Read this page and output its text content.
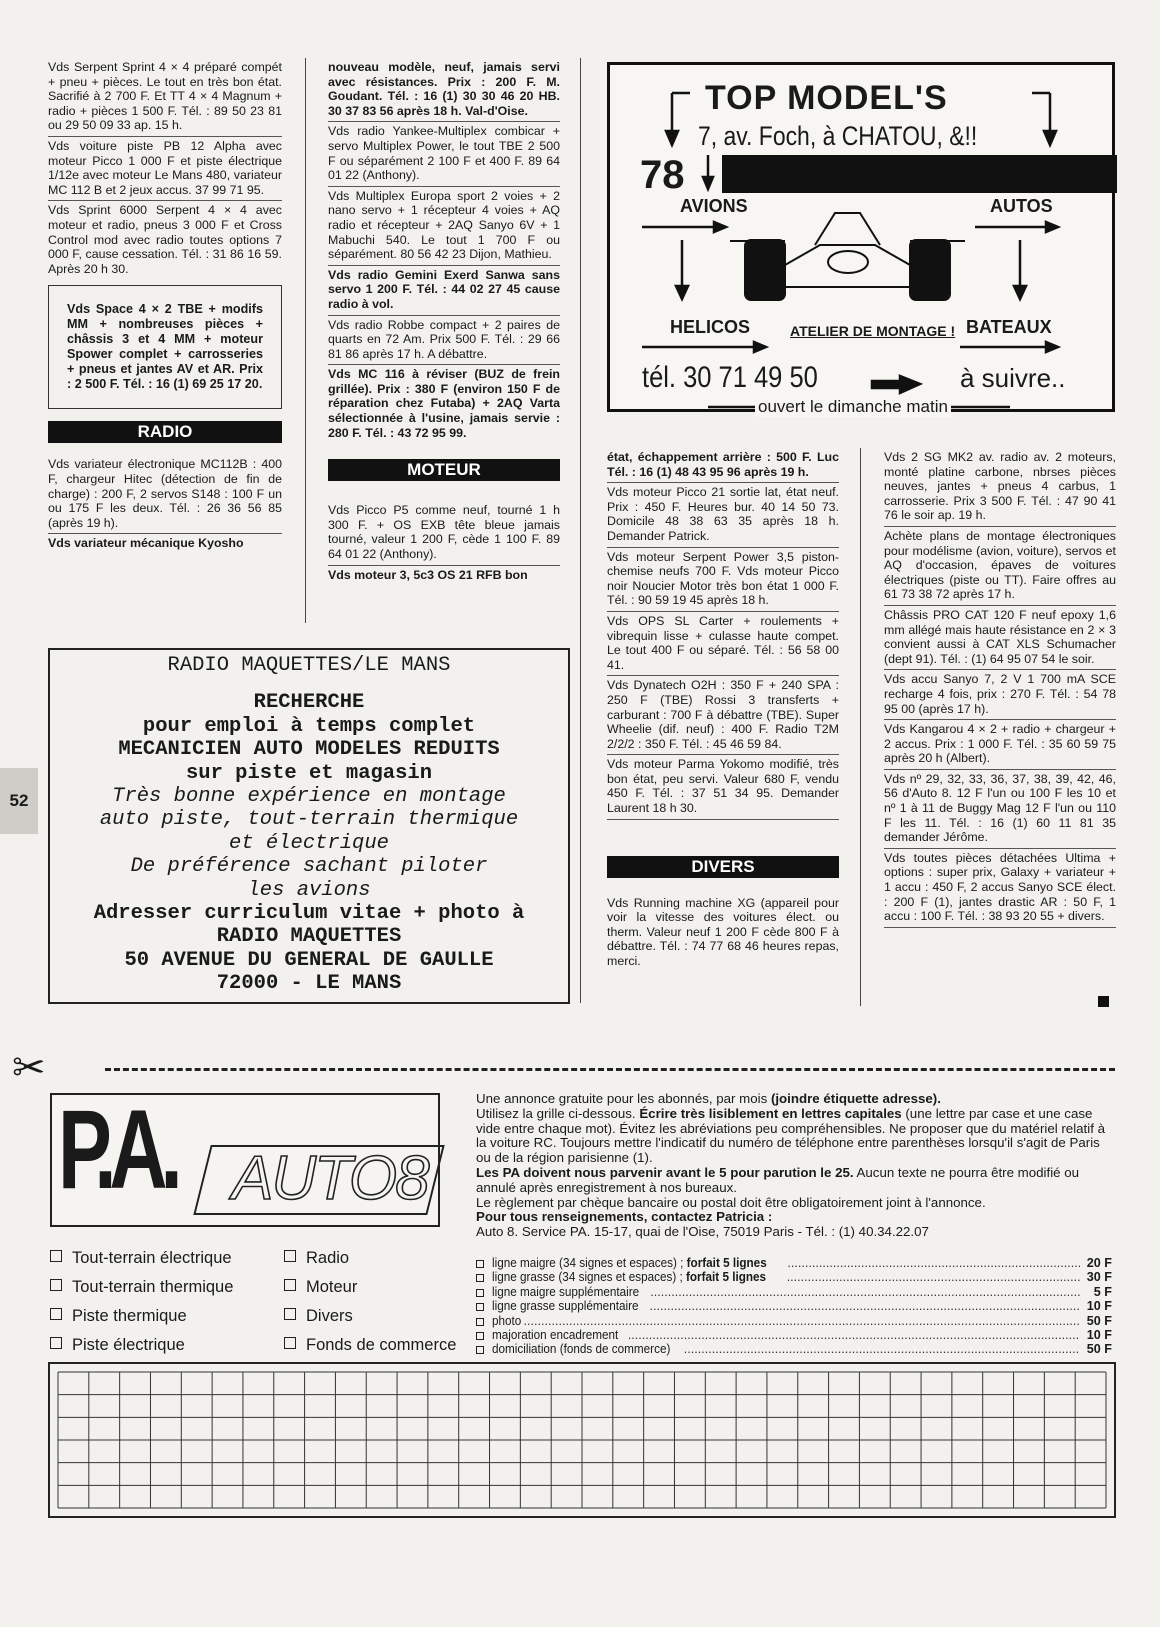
Vds Serpent Sprint 4 × 4 préparé compét + pneu + pièces. Le tout en très bon état. Sacrifié à 2 700 F. Et TT 4 × 4 Magnum + radio + pièces 1 500 F. Tél. : 89 50 23 81 ou 29 50 09 33 ap. 15 h.
Vds voiture piste PB 12 Alpha avec moteur Picco 1 000 F et piste électrique 1/12e avec moteur Le Mans 480, variateur MC 112 B et 2 jeux accus. 37 99 71 95.
Vds Sprint 6000 Serpent 4 × 4 avec moteur et radio, pneus 3 000 F et Cross Control mod avec radio toutes options 7 000 F, cause cessation. Tél. : 31 86 16 59. Après 20 h 30.
Vds Space 4 × 2 TBE + modifs MM + nombreuses pièces + châssis 3 et 4 MM + moteur Spower complet + carrosseries + pneus et jantes AV et AR. Prix : 2 500 F. Tél. : 16 (1) 69 25 17 20.
RADIO
Vds variateur électronique MC112B : 400 F, chargeur Hitec (détection de fin de charge) : 200 F, 2 servos S148 : 100 F un ou 175 F les deux. Tél. : 26 36 56 85 (après 19 h).
Vds variateur mécanique Kyosho
nouveau modèle, neuf, jamais servi avec résistances. Prix : 200 F. M. Goudant. Tél. : 16 (1) 30 30 46 20 HB. 30 37 83 56 après 18 h. Val-d'Oise.
Vds radio Yankee-Multiplex combicar + servo Multiplex Power, le tout TBE 2 500 F ou séparément 2 100 F et 400 F. 89 64 01 22 (Anthony).
Vds Multiplex Europa sport 2 voies + 2 nano servo + 1 récepteur 4 voies + AQ radio et récepteur + 2AQ Sanyo 6V + 1 Mabuchi 540. Le tout 1 700 F ou séparément. 80 56 42 23 Dijon, Mathieu.
Vds radio Gemini Exerd Sanwa sans servo 1 200 F. Tél. : 44 02 27 45 cause radio à vol.
Vds radio Robbe compact + 2 paires de quarts en 72 Am. Prix 500 F. Tél. : 29 66 81 86 après 17 h. A débattre.
Vds MC 116 à réviser (BUZ de frein grillée). Prix : 380 F (environ 150 F de réparation chez Futaba) + 2AQ Varta sélectionnée à l'usine, jamais servie : 280 F. Tél. : 43 72 95 99.
MOTEUR
Vds Picco P5 comme neuf, tourné 1 h 300 F. + OS EXB tête bleue jamais tourné, valeur 1 200 F, cède 1 100 F. 89 64 01 22 (Anthony).
Vds moteur 3, 5c3 OS 21 RFB bon
TOP MODEL'S
7, av. Foch, à CHATOU, &!!
78
AVIONS	AUTOS
HELICOS	ATELIER DE MONTAGE ! BATEAUX
tél. 30 71 49 50	à suivre..
ouvert le dimanche matin
état, échappement arrière : 500 F. Luc Tél. : 16 (1) 48 43 95 96 après 19 h.
Vds moteur Picco 21 sortie lat, état neuf. Prix : 450 F. Heures bur. 40 14 50 73. Domicile 48 38 63 35 après 18 h. Demander Patrick.
Vds moteur Serpent Power 3,5 piston-chemise neufs 700 F. Vds moteur Picco noir Noucier Motor très bon état 1 000 F. Tél. : 90 59 19 45 après 18 h.
Vds OPS SL Carter + roulements + vibrequin lisse + culasse haute compet. Le tout 400 F ou séparé. Tél. : 56 58 00 41.
Vds Dynatech O2H : 350 F + 240 SPA : 250 F (TBE) Rossi 3 transferts + carburant : 700 F à débattre (TBE). Super Wheelie (dif. neuf) : 400 F. Radio T2M 2/2/2 : 350 F. Tél. : 45 46 59 84.
Vds moteur Parma Yokomo modifié, très bon état, peu servi. Valeur 680 F, vendu 450 F. Tél. : 37 51 34 95. Demander Laurent 18 h 30.
DIVERS
Vds Running machine XG (appareil pour voir la vitesse des voitures élect. ou therm. Valeur neuf 1 200 F cède 800 F à débattre. Tél. : 74 77 68 46 heures repas, merci.
Vds 2 SG MK2 av. radio av. 2 moteurs, monté platine carbone, nbrses pièces neuves, jantes + pneus 4 carbus, 1 carrosserie. Prix 3 500 F. Tél. : 47 90 41 76 le soir ap. 19 h.
Achète plans de montage électroniques pour modélisme (avion, voiture), servos et AQ d'occasion, épaves de voitures électriques (piste ou TT). Faire offres au 61 73 38 72 après 17 h.
Châssis PRO CAT 120 F neuf epoxy 1,6 mm allégé mais haute résistance en 2 × 3 convient aussi à CAT XLS Schumacher (dept 91). Tél. : (1) 64 95 07 54 le soir.
Vds accu Sanyo 7, 2 V 1 700 mA SCE recharge 4 fois, prix : 270 F. Tél. : 54 78 95 00 (après 17 h).
Vds Kangarou 4 × 2 + radio + chargeur + 2 accus. Prix : 1 000 F. Tél. : 35 60 59 75 après 20 h (Albert).
Vds nº 29, 32, 33, 36, 37, 38, 39, 42, 46, 56 d'Auto 8. 12 F l'un ou 100 F les 10 et nº 1 à 11 de Buggy Mag 12 F l'un ou 110 F les 11. Tél. : 16 (1) 60 11 81 35 demander Jérôme.
Vds toutes pièces détachées Ultima + options : super prix, Galaxy + variateur + 1 accu : 450 F, 2 accus Sanyo SCE élect. : 200 F (1), jantes drastic AR : 50 F, 1 accu : 100 F. Tél. : 38 93 20 55 + divers.
RADIO MAQUETTES/LE MANS
RECHERCHE
pour emploi à temps complet
MECANICIEN AUTO MODELES REDUITS
sur piste et magasin
Très bonne expérience en montage
auto piste, tout-terrain thermique
et électrique
De préférence sachant piloter
les avions
Adresser curriculum vitae + photo à
RADIO MAQUETTES
50 AVENUE DU GENERAL DE GAULLE
72000 - LE MANS
52
✂
P.A. AUTO8
Une annonce gratuite pour les abonnés, par mois (joindre étiquette adresse).
Utilisez la grille ci-dessous. Écrire très lisiblement en lettres capitales (une lettre par case et une case vide entre chaque mot). Évitez les abréviations peu compréhensibles. Ne proposer que du matériel relatif à la voiture RC. Toujours mettre l'indicatif du numéro de téléphone entre parenthèses lorsqu'il s'agit de Paris ou de la région parisienne (1).
Les PA doivent nous parvenir avant le 5 pour parution le 25. Aucun texte ne pourra être modifié ou annulé après enregistrement à nos bureaux.
Le règlement par chèque bancaire ou postal doit être obligatoirement joint à l'annonce.
Pour tous renseignements, contactez Patricia :
Auto 8. Service PA. 15-17, quai de l'Oise, 75019 Paris - Tél. : (1) 40.34.22.07
Tout-terrain électrique
Tout-terrain thermique
Piste thermique
Piste électrique
Radio
Moteur
Divers
Fonds de commerce
ligne maigre (34 signes et espaces) ; forfait 5 lignes .....	20 F
ligne grasse (34 signes et espaces) ; forfait 5 lignes .....	30 F
ligne maigre supplémentaire .....	5 F
ligne grasse supplémentaire .....	10 F
photo .....	50 F
majoration encadrement .....	10 F
domiciliation (fonds de commerce) .....	50 F
